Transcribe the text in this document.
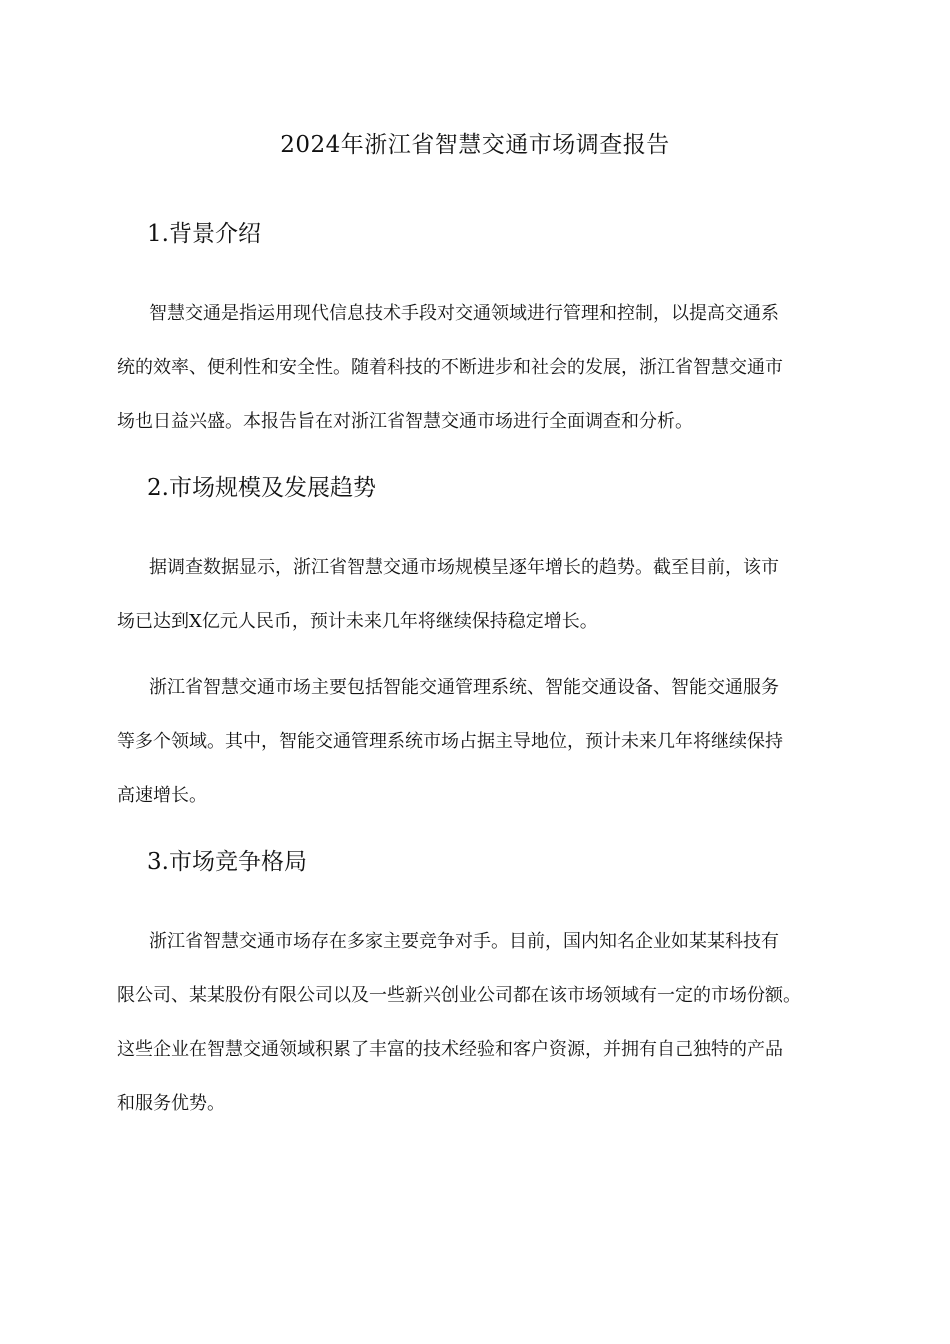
2024年浙江省智慧交通市场调查报告
1.背景介绍
智慧交通是指运用现代信息技术手段对交通领域进行管理和控制，以提高交通系
统的效率、便利性和安全性。随着科技的不断进步和社会的发展，浙江省智慧交通市
场也日益兴盛。本报告旨在对浙江省智慧交通市场进行全面调查和分析。
2.市场规模及发展趋势
据调查数据显示，浙江省智慧交通市场规模呈逐年增长的趋势。截至目前，该市
场已达到X亿元人民币，预计未来几年将继续保持稳定增长。
浙江省智慧交通市场主要包括智能交通管理系统、智能交通设备、智能交通服务
等多个领域。其中，智能交通管理系统市场占据主导地位，预计未来几年将继续保持
高速增长。
3.市场竞争格局
浙江省智慧交通市场存在多家主要竞争对手。目前，国内知名企业如某某科技有
限公司、某某股份有限公司以及一些新兴创业公司都在该市场领域有一定的市场份额。
这些企业在智慧交通领域积累了丰富的技术经验和客户资源，并拥有自己独特的产品
和服务优势。
